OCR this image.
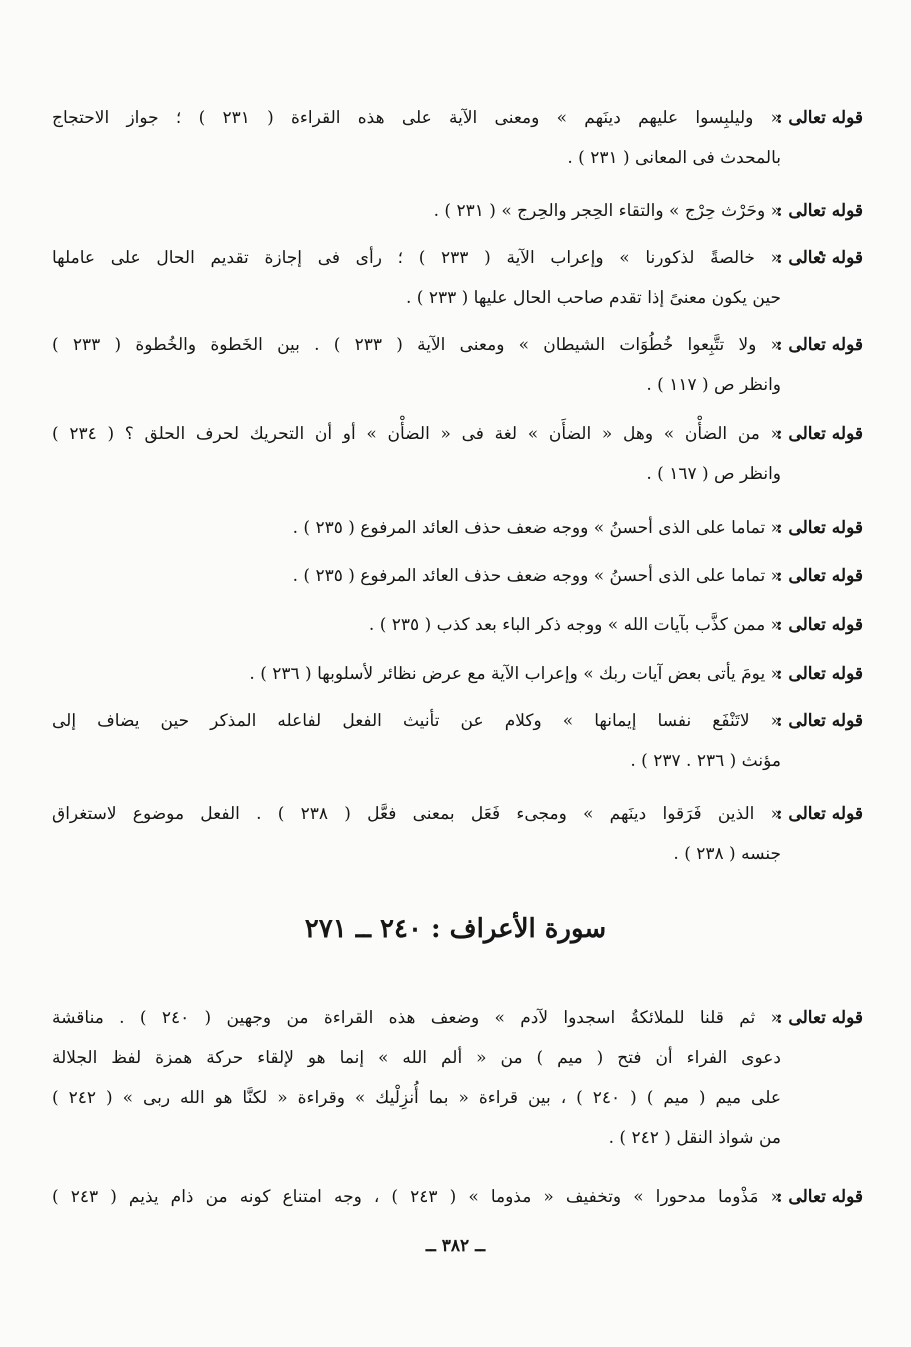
قوله تعالى :
« وليلبِسوا عليهم دينَهم » ومعنى الآية على هذه القراءة ( ٢٣١ ) ؛ جواز الاحتجاج
بالمحدث فى المعانى ( ٢٣١ ) .
قوله تعالى :
« وحَرْث حِرْج » والتقاء الحِجر والحِرج » ( ٢٣١ ) .
قوله تعالى :
« خالصةً لذكورنا » وإعراب الآية ( ٢٣٣ ) ؛ رأى فى إجازة تقديم الحال على عاملها
حين يكون معنىً إذا تقدم صاحب الحال عليها ( ٢٣٣ ) .
قوله تعالى :
« ولا تتَّبِعوا خُطُوَات الشيطان » ومعنى الآية ( ٢٣٣ ) . بين الخَطوة والخُطوة ( ٢٣٣ )
وانظر ص ( ١١٧ ) .
قوله تعالى :
« من الضأْن » وهل « الضأَن » لغة فى « الضأْن » أو أن التحريك لحرف الحلق ؟ ( ٢٣٤ )
وانظر ص ( ١٦٧ ) .
قوله تعالى :
« تماما على الذى أحسنُ » ووجه ضعف حذف العائد المرفوع ( ٢٣٥ ) .
قوله تعالى :
« تماما على الذى أحسنُ » ووجه ضعف حذف العائد المرفوع ( ٢٣٥ ) .
قوله تعالى :
« ممن كذَّب بآيات الله » ووجه ذكر الباء بعد كذب ( ٢٣٥ ) .
قوله تعالى :
« يومَ يأتى بعض آيات ربك » وإعراب الآية مع عرض نظائر لأسلوبها ( ٢٣٦ ) .
قوله تعالى :
« لاتَنْفَع نفسا إيمانها » وكلام عن تأنيث الفعل لفاعله المذكر حين يضاف إلى
مؤنث ( ٢٣٦ . ٢٣٧ ) .
قوله تعالى :
« الذين فَرَقوا دينَهم » ومجىء فَعَل بمعنى فعَّل ( ٢٣٨ ) . الفعل موضوع لاستغراق
جنسه ( ٢٣٨ ) .
سورة الأعراف : ٢٤٠ ــ ٢٧١
قوله تعالى :
« ثم قلنا للملائكةُ اسجدوا لآدم » وضعف هذه القراءة من وجهين ( ٢٤٠ ) . مناقشة
دعوى الفراء أن فتح ( ميم ) من « ألم الله » إنما هو لإلقاء حركة همزة لفظ الجلالة
على ميم ( ميم ) ( ٢٤٠ ) ، بين قراءة « بما أُنزِلْيك » وقراءة « لكنَّا هو الله ربى » ( ٢٤٢ )
من شواذ النقل ( ٢٤٢ ) .
قوله تعالى :
« مَذْوما مدحورا » وتخفيف « مذوما » ( ٢٤٣ ) ، وجه امتناع كونه من ذام يذيم ( ٢٤٣ )
ــ ٣٨٢ ــ
